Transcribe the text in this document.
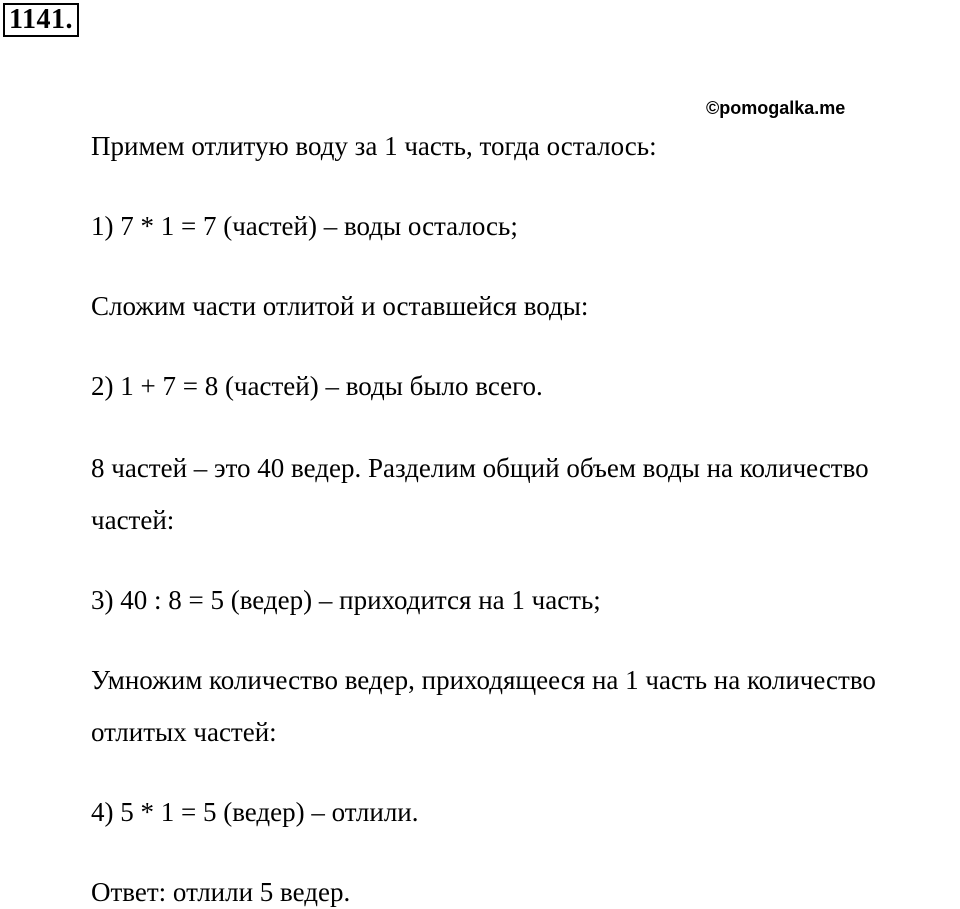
1141.
©pomogalka.me

Примем отлитую воду за 1 часть, тогда осталось:

1) 7 * 1 = 7 (частей) – воды осталось;

Сложим части отлитой и оставшейся воды:

2) 1 + 7 = 8 (частей) – воды было всего.

8 частей – это 40 ведер. Разделим общий объем воды на количество

частей:

3) 40 : 8 = 5 (ведер) – приходится на 1 часть;

Умножим количество ведер, приходящееся на 1 часть на количество

отлитых частей:

4) 5 * 1 = 5 (ведер) – отлили.

Ответ: отлили 5 ведер.
